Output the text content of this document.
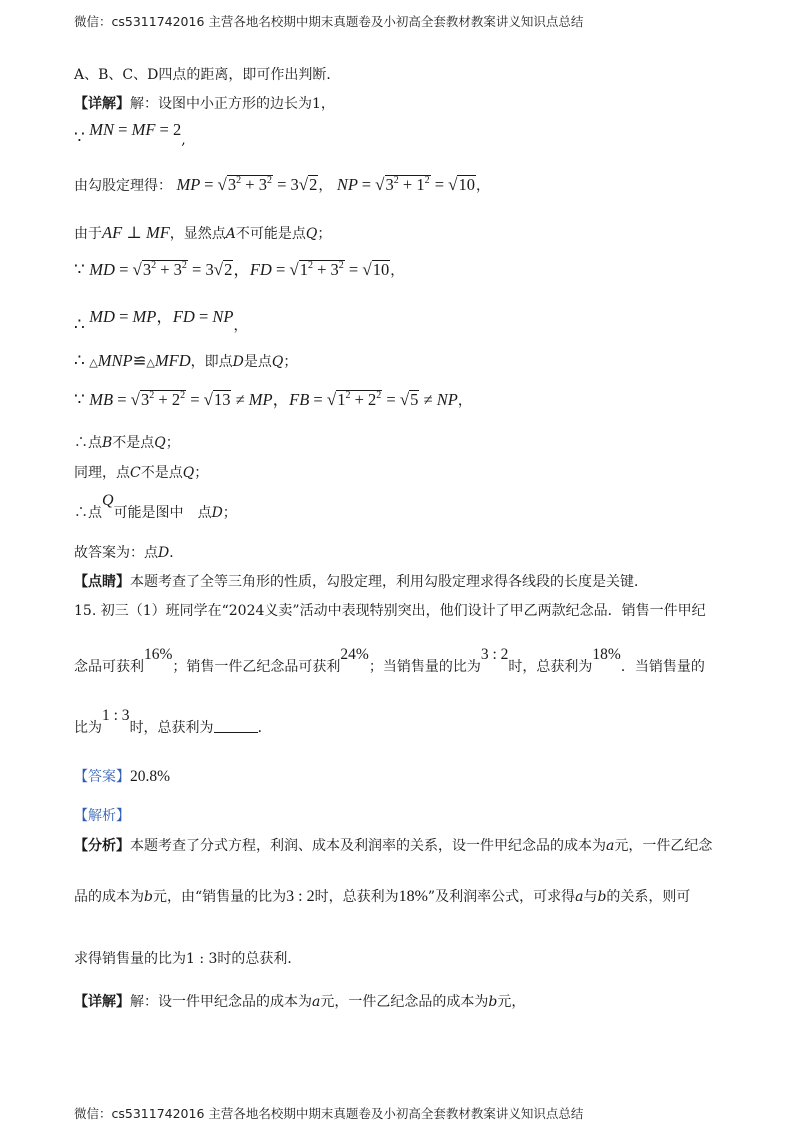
微信：cs5311742016 主营各地名校期中期末真题卷及小初高全套教材教案讲义知识点总结
A、B、C、D四点的距离，即可作出判断．
【详解】解：设图中小正方形的边长为1，
∵ MN = MF = 2,
由勾股定理得： MP = $√3^2 + 3^2 = 3√2$， NP = $√3^2 + 1^2 = √10$，
由于AF ⊥ MF，显然点A不可能是点Q；
∵ MD = $√3^2 + 3^2 = 3√2$，FD = $√1^2 + 3^2 = √10$，
∴ MD = MP，FD = NP，
∴ △MNP≌△MFD，即点D是点Q；
∵ MB = $√3^2 + 2^2 = √13$ ≠ MP，FB = $√1^2 + 2^2 = √5$ ≠ NP，
∴点B不是点Q；
同理，点C不是点Q；
∴点Q可能是图中 点D；
故答案为：点D．
【点睛】本题考查了全等三角形的性质，勾股定理，利用勾股定理求得各线段的长度是关键．
15. 初三（1）班同学在“2024义卖”活动中表现特别突出，他们设计了甲乙两款纪念品．销售一件甲纪
念品可获利16%；销售一件乙纪念品可获利24%；当销售量的比为3 : 2时，总获利为18%．当销售量的
比为1 : 3时，总获利为	．
【答案】20.8%
【解析】
【分析】本题考查了分式方程，利润、成本及利润率的关系，设一件甲纪念品的成本为a元，一件乙纪念
品的成本为b元，由“销售量的比为3 : 2时，总获利为18%”及利润率公式，可求得a与b的关系，则可
求得销售量的比为1 : 3时的总获利．
【详解】解：设一件甲纪念品的成本为a元，一件乙纪念品的成本为b元，
微信：cs5311742016 主营各地名校期中期末真题卷及小初高全套教材教案讲义知识点总结
